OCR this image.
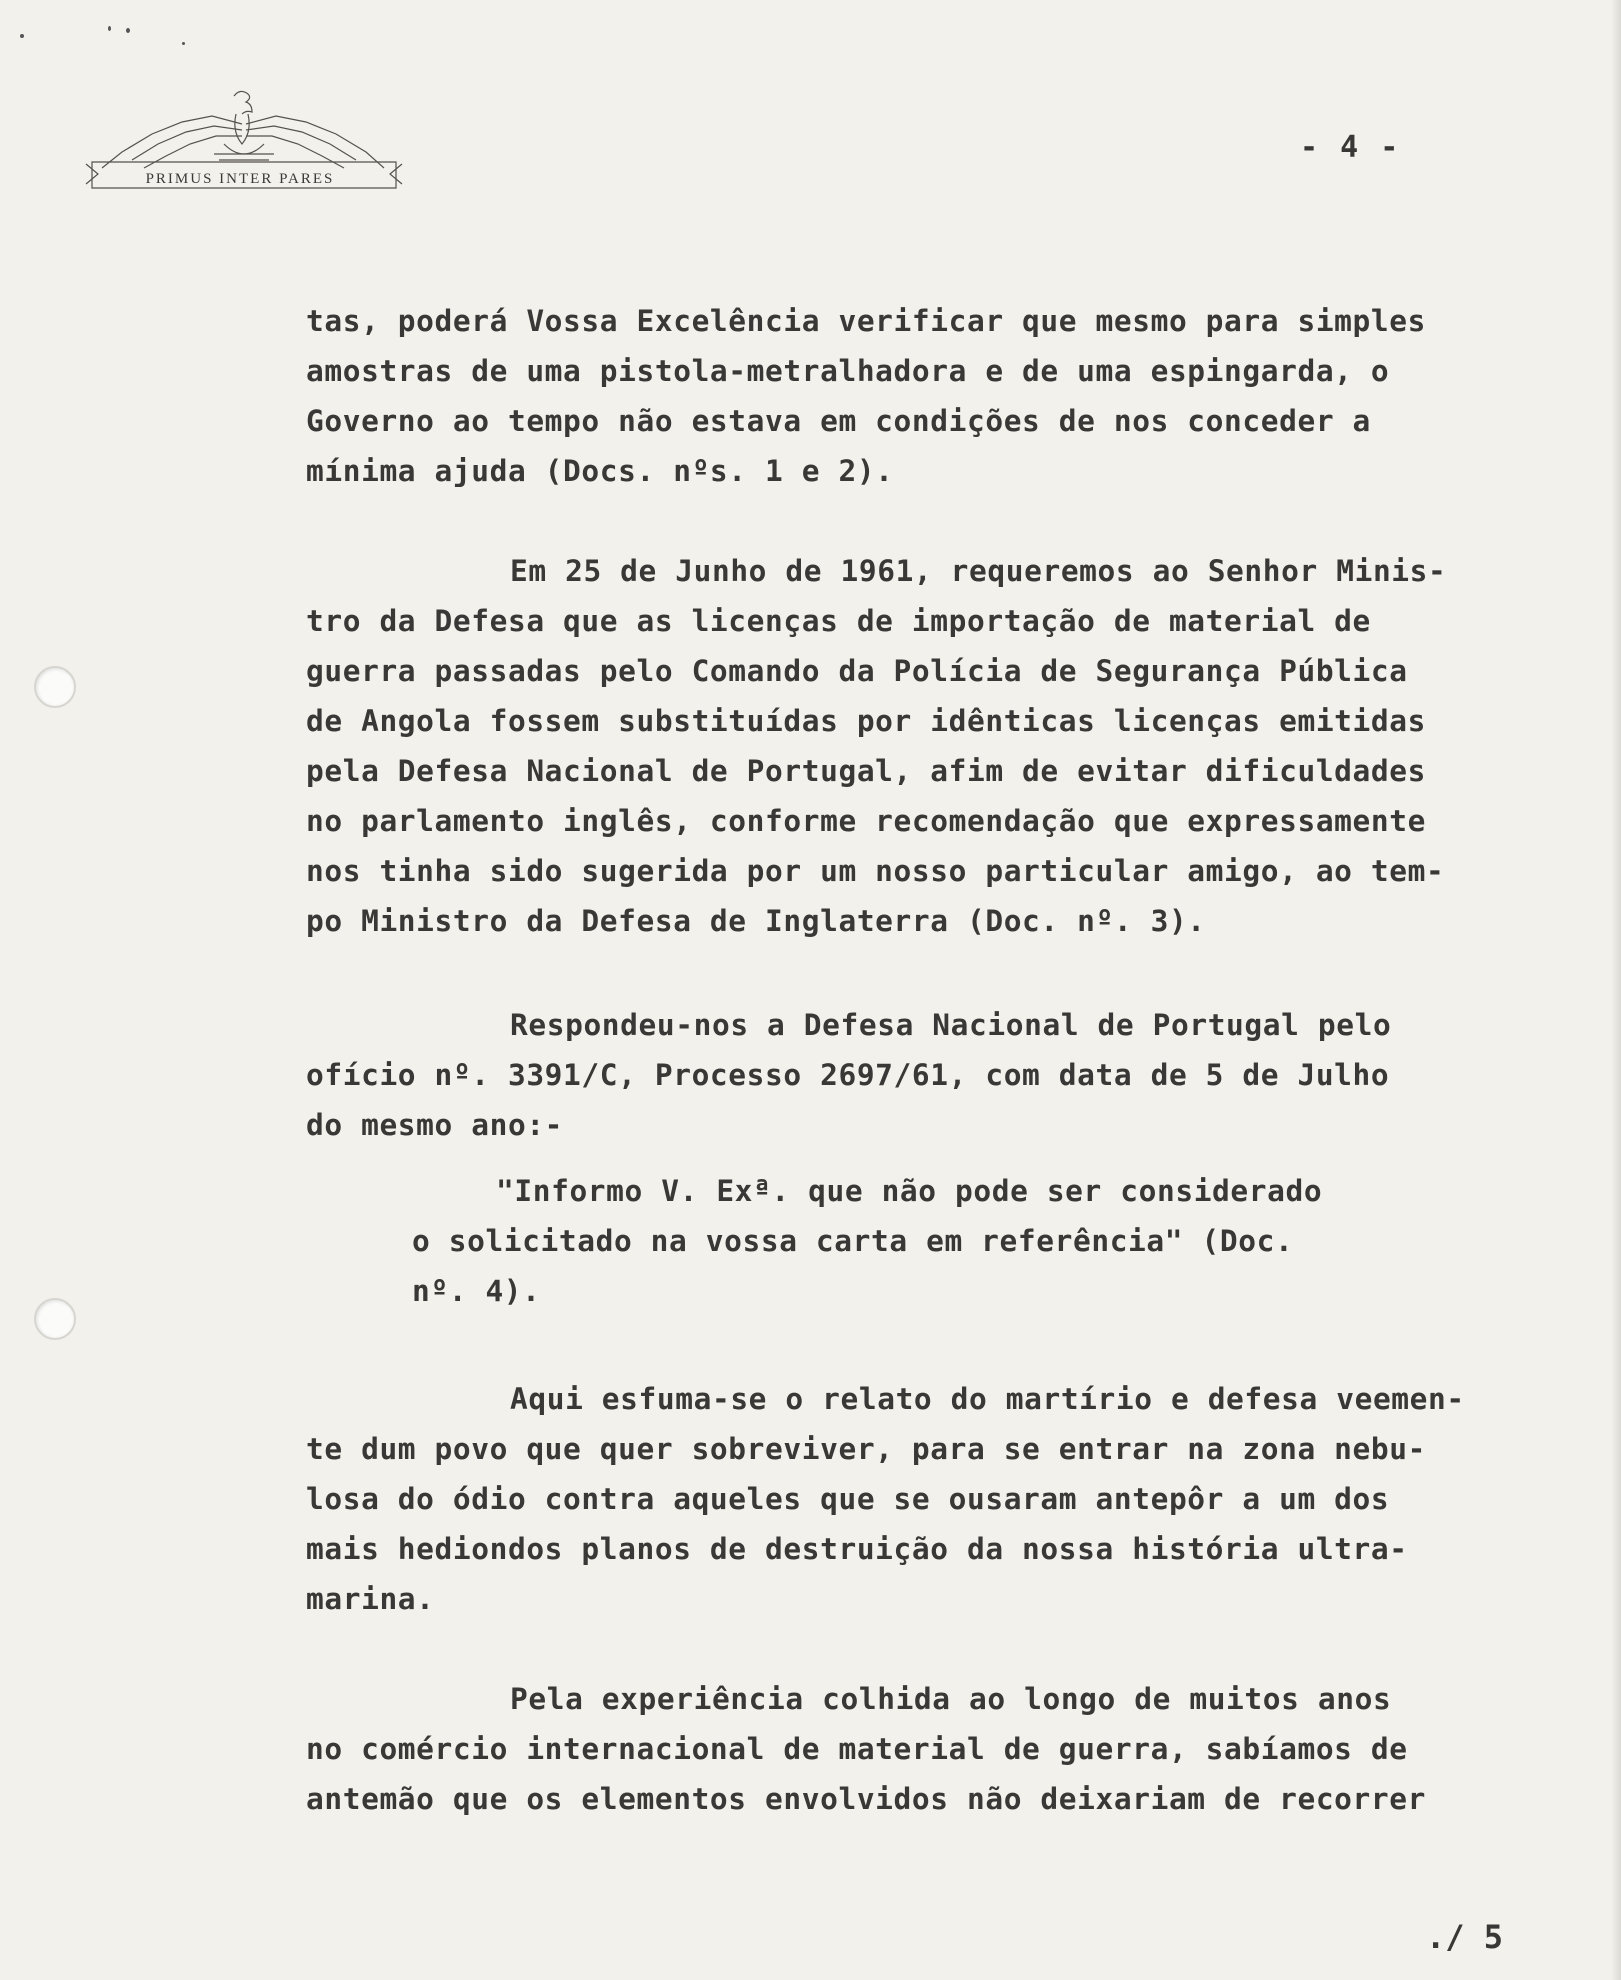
PRIMUS INTER PARES
- 4 -
tas, poderá Vossa Excelência verificar que mesmo para simples
amostras de uma pistola-metralhadora e de uma espingarda, o
Governo ao tempo não estava em condições de nos conceder a
mínima ajuda (Docs. nºs. 1 e 2).
Em 25 de Junho de 1961, requeremos ao Senhor Minis-
tro da Defesa que as licenças de importação de material de
guerra passadas pelo Comando da Polícia de Segurança Pública
de Angola fossem substituídas por idênticas licenças emitidas
pela Defesa Nacional de Portugal, afim de evitar dificuldades
no parlamento inglês, conforme recomendação que expressamente
nos tinha sido sugerida por um nosso particular amigo, ao tem-
po Ministro da Defesa de Inglaterra (Doc. nº. 3).
Respondeu-nos a Defesa Nacional de Portugal pelo
ofício nº. 3391/C, Processo 2697/61, com data de 5 de Julho
do mesmo ano:-
"Informo V. Exª. que não pode ser considerado
o solicitado na vossa carta em referência" (Doc.
nº. 4).
Aqui esfuma-se o relato do martírio e defesa veemen-
te dum povo que quer sobreviver, para se entrar na zona nebu-
losa do ódio contra aqueles que se ousaram antepôr a um dos
mais hediondos planos de destruição da nossa história ultra-
marina.
Pela experiência colhida ao longo de muitos anos
no comércio internacional de material de guerra, sabíamos de
antemão que os elementos envolvidos não deixariam de recorrer
./ 5
